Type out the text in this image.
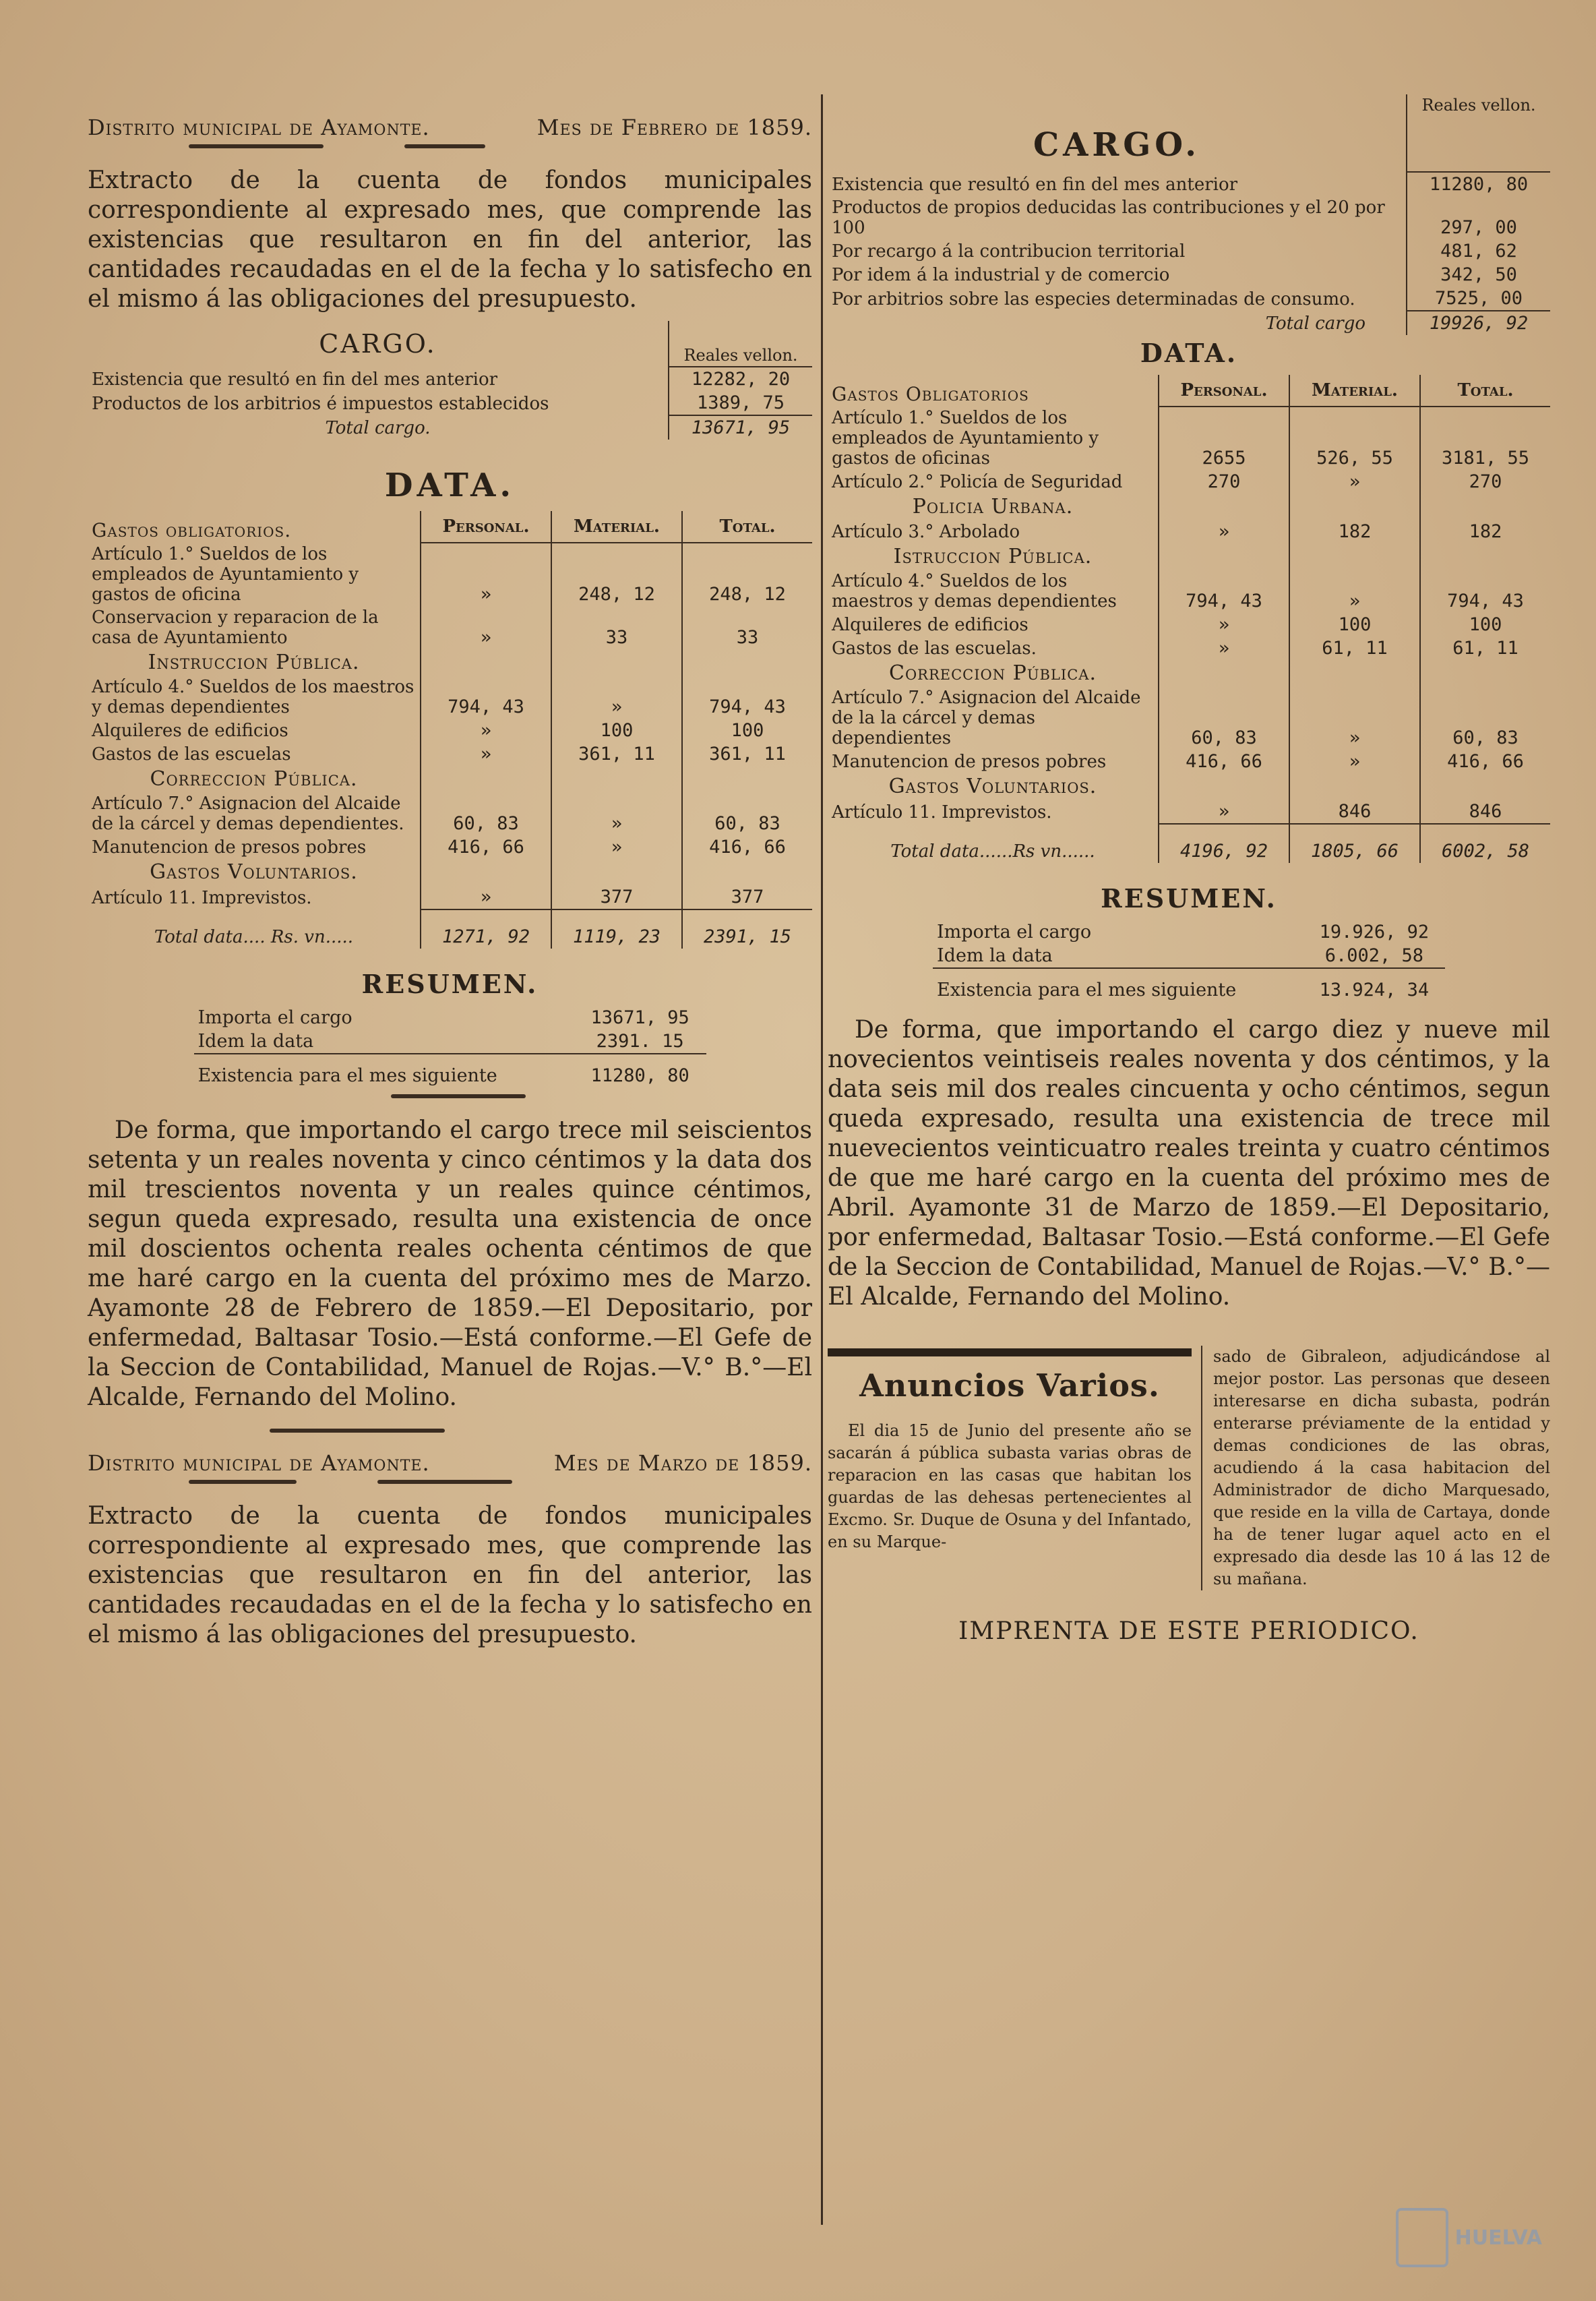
Distrito municipal de Ayamonte.	Mes de Febrero de 1859.

Extracto de la cuenta de fondos municipales correspondiente al expresado mes, que comprende las existencias que resultaron en fin del anterior, las cantidades recaudadas en el de la fecha y lo satisfecho en el mismo á las obligaciones del presupuesto.

CARGO.	Reales vellon.
Existencia que resultó en fin del mes anterior	12282, 20
Productos de los arbitrios é impuestos establecidos	1389, 75
Total cargo.	13671, 95
DATA.
Gastos obligatorios.	Personal.	Material.	Total.
Artículo 1.° Sueldos de los empleados de Ayuntamiento y gastos de oficina	»	248, 12	248, 12
Conservacion y reparacion de la casa de Ayuntamiento	»	33	33
Instruccion Pública.			
Artículo 4.° Sueldos de los maestros y demas dependientes	794, 43	»	794, 43
Alquileres de edificios	»	100	100
Gastos de las escuelas	»	361, 11	361, 11
Correccion Pública.			
Artículo 7.° Asignacion del Alcaide de la cárcel y demas dependientes.	60, 83	»	60, 83
Manutencion de presos pobres	416, 66	»	416, 66
Gastos Voluntarios.			
Artículo 11. Imprevistos.	»	377	377
Total data.... Rs. vn.....	1271, 92	1119, 23	2391, 15
RESUMEN.
Importa el cargo	13671, 95
Idem la data	2391. 15
Existencia para el mes siguiente	11280, 80

De forma, que importando el cargo trece mil seiscientos setenta y un reales noventa y cinco céntimos y la data dos mil trescientos noventa y un reales quince céntimos, segun queda expresado, resulta una existencia de once mil doscientos ochenta reales ochenta céntimos de que me haré cargo en la cuenta del próximo mes de Marzo. Ayamonte 28 de Febrero de 1859.—El Depositario, por enfermedad, Baltasar Tosio.—Está conforme.—El Gefe de la Seccion de Contabilidad, Manuel de Rojas.—V.° B.°—El Alcalde, Fernando del Molino.

Distrito municipal de Ayamonte.	Mes de Marzo de 1859.

Extracto de la cuenta de fondos municipales correspondiente al expresado mes, que comprende las existencias que resultaron en fin del anterior, las cantidades recaudadas en el de la fecha y lo satisfecho en el mismo á las obligaciones del presupuesto.

CARGO.	Reales vellon.
Existencia que resultó en fin del mes anterior	11280, 80
Productos de propios deducidas las contribuciones y el 20 por 100	297, 00
Por recargo á la contribucion territorial	481, 62
Por idem á la industrial y de comercio	342, 50
Por arbitrios sobre las especies determinadas de consumo.	7525, 00
Total cargo	19926, 92
DATA.
Gastos Obligatorios	Personal.	Material.	Total.
Artículo 1.° Sueldos de los empleados de Ayuntamiento y gastos de oficinas	2655	526, 55	3181, 55
Artículo 2.° Policía de Seguridad	270	»	270
Policia Urbana.			
Artículo 3.° Arbolado	»	182	182
Istruccion Pública.			
Artículo 4.° Sueldos de los maestros y demas dependientes	794, 43	»	794, 43
Alquileres de edificios	»	100	100
Gastos de las escuelas.	»	61, 11	61, 11
Correccion Pública.			
Artículo 7.° Asignacion del Alcaide de la la cárcel y demas dependientes	60, 83	»	60, 83
Manutencion de presos pobres	416, 66	»	416, 66
Gastos Voluntarios.			
Artículo 11. Imprevistos.	»	846	846
Total data......Rs vn......	4196, 92	1805, 66	6002, 58
RESUMEN.
Importa el cargo	19.926, 92
Idem la data	6.002, 58
Existencia para el mes siguiente	13.924, 34

De forma, que importando el cargo diez y nueve mil novecientos veintiseis reales noventa y dos céntimos, y la data seis mil dos reales cincuenta y ocho céntimos, segun queda expresado, resulta una existencia de trece mil nuevecientos veinticuatro reales treinta y cuatro céntimos de que me haré cargo en la cuenta del próximo mes de Abril. Ayamonte 31 de Marzo de 1859.—El Depositario, por enfermedad, Baltasar Tosio.—Está conforme.—El Gefe de la Seccion de Contabilidad, Manuel de Rojas.—V.° B.°—El Alcalde, Fernando del Molino.

Anuncios Varios.

El dia 15 de Junio del presente año se sacarán á pública subasta varias obras de reparacion en las casas que habitan los guardas de las dehesas pertenecientes al Excmo. Sr. Duque de Osuna y del Infantado, en su Marque-

sado de Gibraleon, adjudicándose al mejor postor. Las personas que deseen interesarse en dicha subasta, podrán enterarse préviamente de la entidad y demas condiciones de las obras, acudiendo á la casa habitacion del Administrador de dicho Marquesado, que reside en la villa de Cartaya, donde ha de tener lugar aquel acto en el expresado dia desde las 10 á las 12 de su mañana.
IMPRENTA DE ESTE PERIODICO.
HUELVA
